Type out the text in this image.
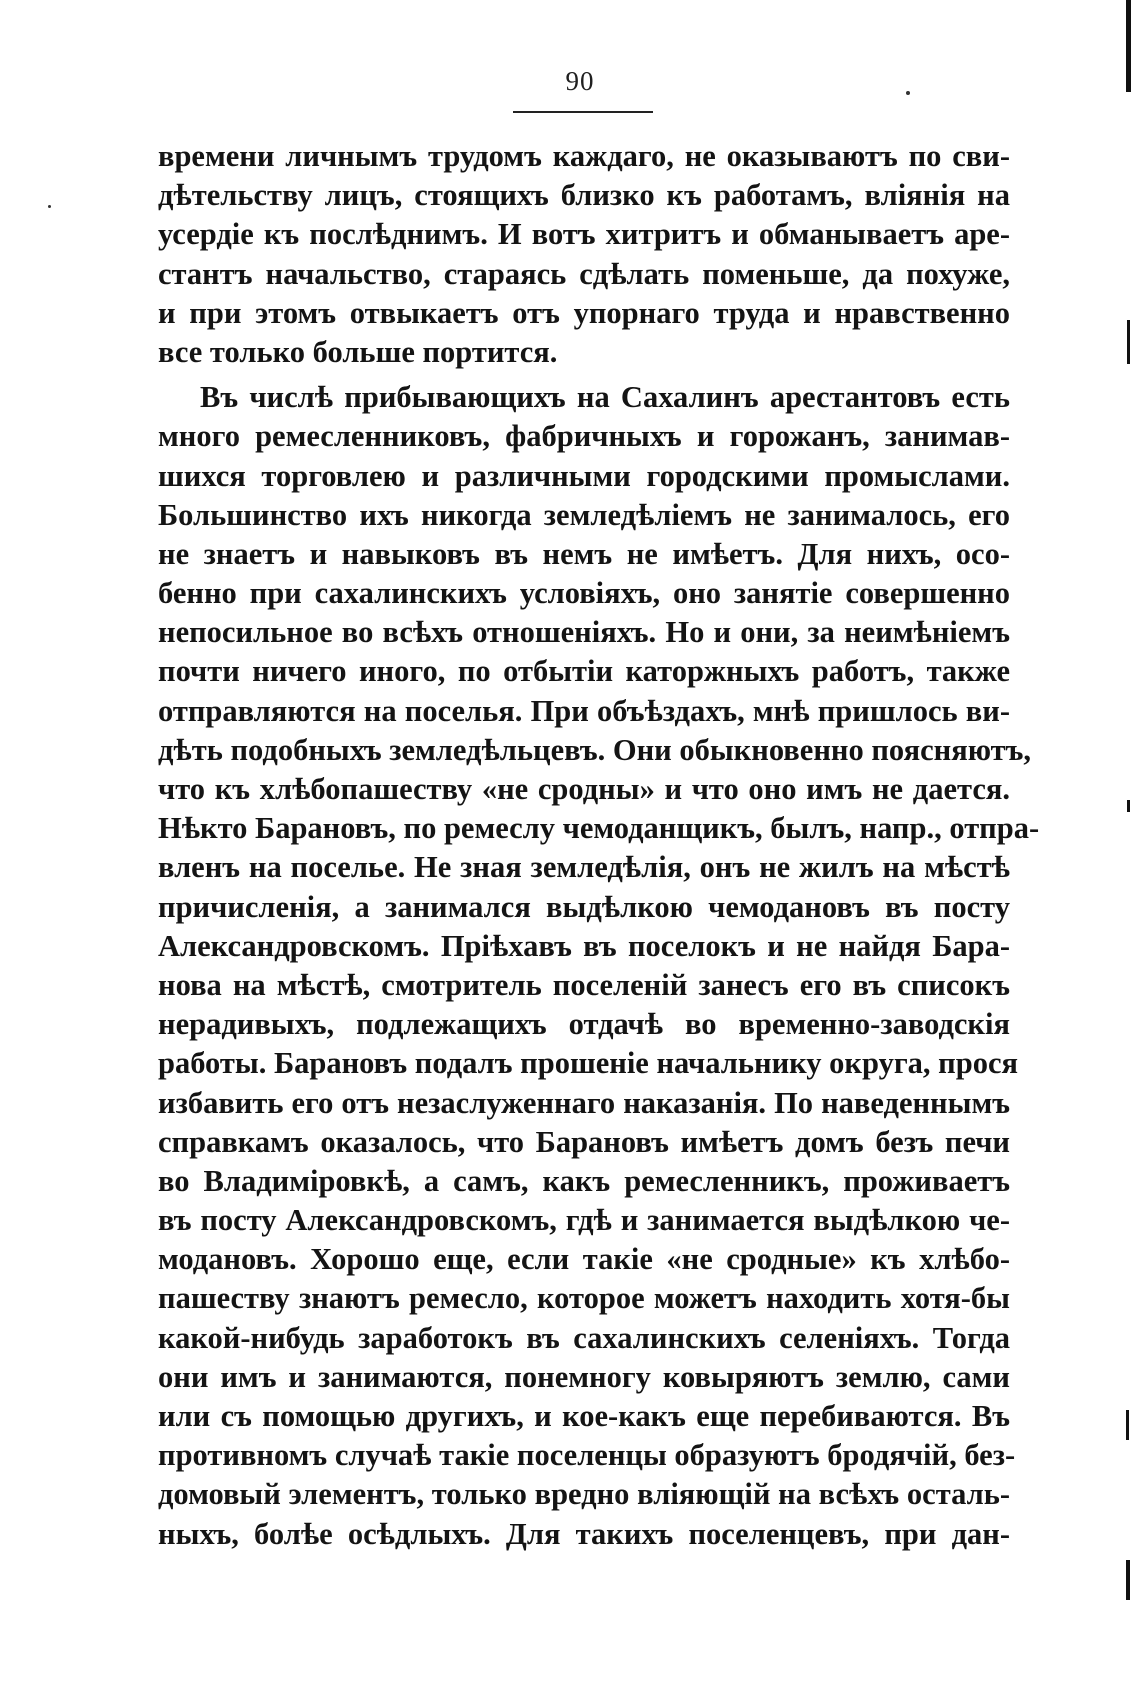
90
времени личнымъ трудомъ каждаго, не оказываютъ по сви-
дѣтельству лицъ, стоящихъ близко къ работамъ, вліянія на
усердіе къ послѣднимъ. И вотъ хитритъ и обманываетъ аре-
стантъ начальство, стараясь сдѣлать поменьше, да похуже,
и при этомъ отвыкаетъ отъ упорнаго труда и нравственно
все только больше портится.
Въ числѣ прибывающихъ на Сахалинъ арестантовъ есть
много ремесленниковъ, фабричныхъ и горожанъ, занимав-
шихся торговлею и различными городскими промыслами.
Большинство ихъ никогда земледѣліемъ не занималось, его
не знаетъ и навыковъ въ немъ не имѣетъ. Для нихъ, осо-
бенно при сахалинскихъ условіяхъ, оно занятіе совершенно
непосильное во всѣхъ отношеніяхъ. Но и они, за неимѣніемъ
почти ничего иного, по отбытіи каторжныхъ работъ, также
отправляются на поселья. При объѣздахъ, мнѣ пришлось ви-
дѣть подобныхъ земледѣльцевъ. Они обыкновенно поясняютъ,
что къ хлѣбопашеству «не сродны» и что оно имъ не дается.
Нѣкто Барановъ, по ремеслу чемоданщикъ, былъ, напр., отпра-
вленъ на поселье. Не зная земледѣлія, онъ не жилъ на мѣстѣ
причисленія, а занимался выдѣлкою чемодановъ въ посту
Александровскомъ. Пріѣхавъ въ поселокъ и не найдя Бара-
нова на мѣстѣ, смотритель поселеній занесъ его въ списокъ
нерадивыхъ, подлежащихъ отдачѣ во временно-заводскія
работы. Барановъ подалъ прошеніе начальнику округа, прося
избавить его отъ незаслуженнаго наказанія. По наведеннымъ
справкамъ оказалось, что Барановъ имѣетъ домъ безъ печи
во Владиміровкѣ, а самъ, какъ ремесленникъ, проживаетъ
въ посту Александровскомъ, гдѣ и занимается выдѣлкою че-
модановъ. Хорошо еще, если такіе «не сродные» къ хлѣбо-
пашеству знаютъ ремесло, которое можетъ находить хотя-бы
какой-нибудь заработокъ въ сахалинскихъ селеніяхъ. Тогда
они имъ и занимаются, понемногу ковыряютъ землю, сами
или съ помощью другихъ, и кое-какъ еще перебиваются. Въ
противномъ случаѣ такіе поселенцы образуютъ бродячій, без-
домовый элементъ, только вредно вліяющій на всѣхъ осталь-
ныхъ, болѣе осѣдлыхъ. Для такихъ поселенцевъ, при дан-
